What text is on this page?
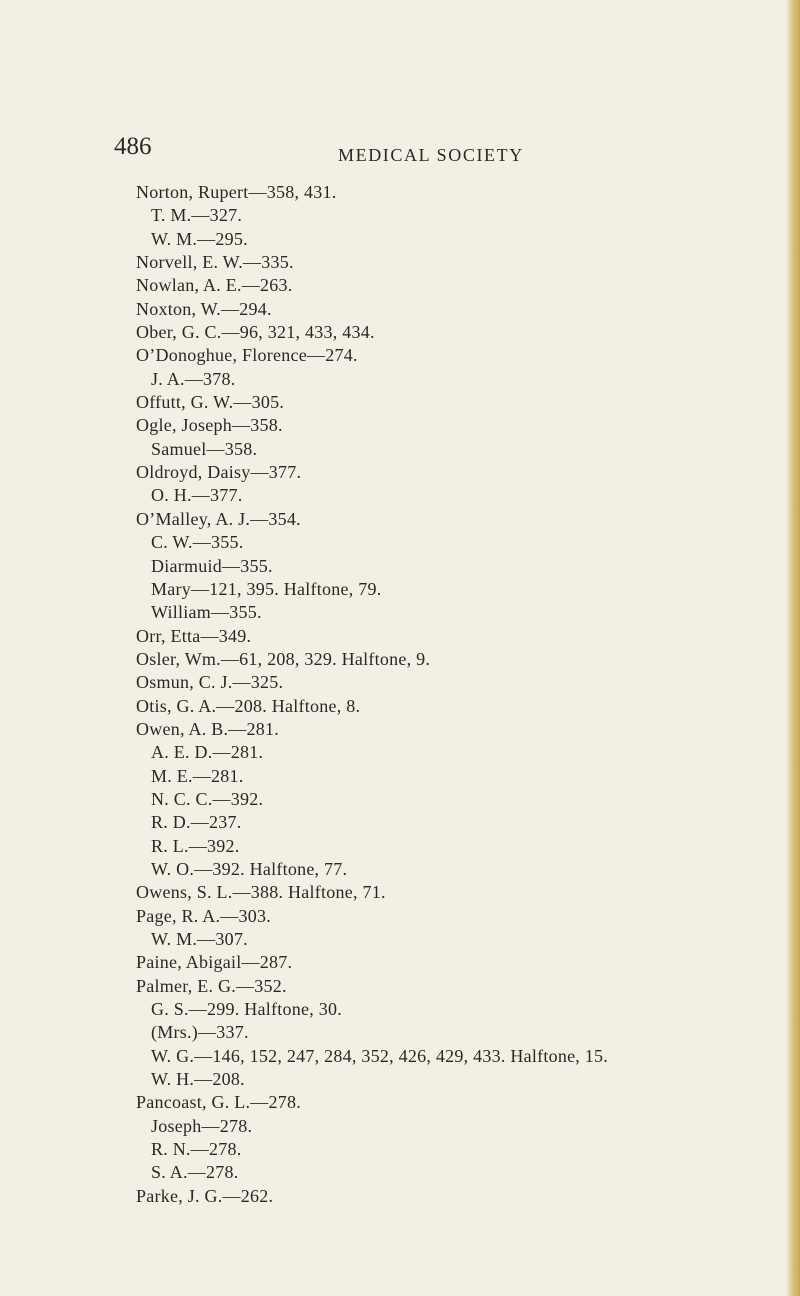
486	MEDICAL SOCIETY

Norton, Rupert—358, 431.
T. M.—327.
W. M.—295.
Norvell, E. W.—335.
Nowlan, A. E.—263.
Noxton, W.—294.
Ober, G. C.—96, 321, 433, 434.
O’Donoghue, Florence—274.
J. A.—378.
Offutt, G. W.—305.
Ogle, Joseph—358.
Samuel—358.
Oldroyd, Daisy—377.
O. H.—377.
O’Malley, A. J.—354.
C. W.—355.
Diarmuid—355.
Mary—121, 395. Halftone, 79.
William—355.
Orr, Etta—349.
Osler, Wm.—61, 208, 329. Halftone, 9.
Osmun, C. J.—325.
Otis, G. A.—208. Halftone, 8.
Owen, A. B.—281.
A. E. D.—281.
M. E.—281.
N. C. C.—392.
R. D.—237.
R. L.—392.
W. O.—392. Halftone, 77.
Owens, S. L.—388. Halftone, 71.
Page, R. A.—303.
W. M.—307.
Paine, Abigail—287.
Palmer, E. G.—352.
G. S.—299. Halftone, 30.
(Mrs.)—337.
W. G.—146, 152, 247, 284, 352, 426, 429, 433. Halftone, 15.
W. H.—208.
Pancoast, G. L.—278.
Joseph—278.
R. N.—278.
S. A.—278.
Parke, J. G.—262.
